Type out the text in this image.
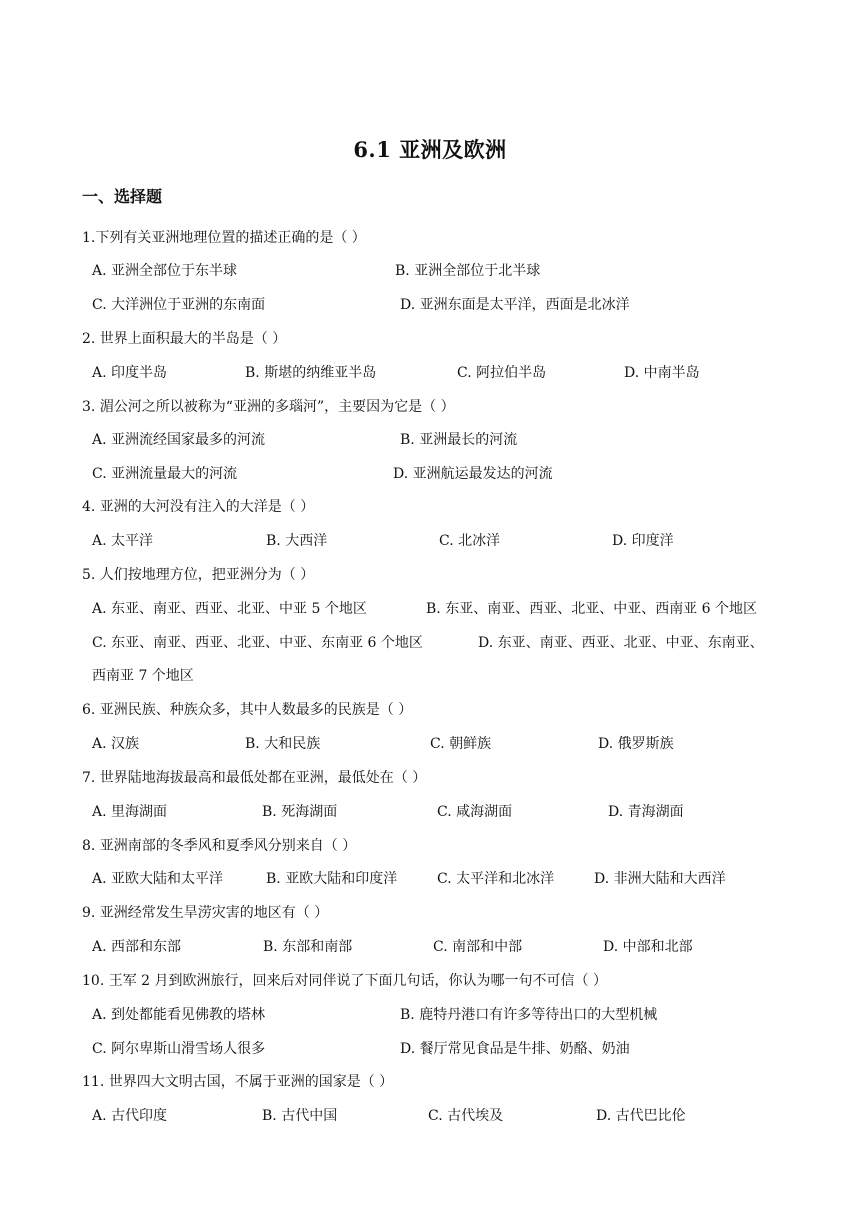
6.1 亚洲及欧洲
一、选择题
1.下列有关亚洲地理位置的描述正确的是（ ）
A. 亚洲全部位于东半球	B. 亚洲全部位于北半球
C. 大洋洲位于亚洲的东南面	D. 亚洲东面是太平洋，西面是北冰洋
2. 世界上面积最大的半岛是（ ）
A. 印度半岛	B. 斯堪的纳维亚半岛	C. 阿拉伯半岛	D. 中南半岛
3. 湄公河之所以被称为“亚洲的多瑙河”，主要因为它是（ ）
A. 亚洲流经国家最多的河流	B. 亚洲最长的河流
C. 亚洲流量最大的河流	D. 亚洲航运最发达的河流
4. 亚洲的大河没有注入的大洋是（ ）
A. 太平洋	B. 大西洋	C. 北冰洋	D. 印度洋
5. 人们按地理方位，把亚洲分为（ ）
A. 东亚、南亚、西亚、北亚、中亚 5 个地区	B. 东亚、南亚、西亚、北亚、中亚、西南亚 6 个地区
C. 东亚、南亚、西亚、北亚、中亚、东南亚 6 个地区	D. 东亚、南亚、西亚、北亚、中亚、东南亚、
西南亚 7 个地区
6. 亚洲民族、种族众多，其中人数最多的民族是（ ）
A. 汉族	B. 大和民族	C. 朝鲜族	D. 俄罗斯族
7. 世界陆地海拔最高和最低处都在亚洲，最低处在（ ）
A. 里海湖面	B. 死海湖面	C. 咸海湖面	D. 青海湖面
8. 亚洲南部的冬季风和夏季风分别来自（ ）
A. 亚欧大陆和太平洋	B. 亚欧大陆和印度洋	C. 太平洋和北冰洋	D. 非洲大陆和大西洋
9. 亚洲经常发生旱涝灾害的地区有（ ）
A. 西部和东部	B. 东部和南部	C. 南部和中部	D. 中部和北部
10. 王军 2 月到欧洲旅行，回来后对同伴说了下面几句话，你认为哪一句不可信（ ）
A. 到处都能看见佛教的塔林	B. 鹿特丹港口有许多等待出口的大型机械
C. 阿尔卑斯山滑雪场人很多	D. 餐厅常见食品是牛排、奶酪、奶油
11. 世界四大文明古国，不属于亚洲的国家是（ ）
A. 古代印度	B. 古代中国	C. 古代埃及	D. 古代巴比伦
